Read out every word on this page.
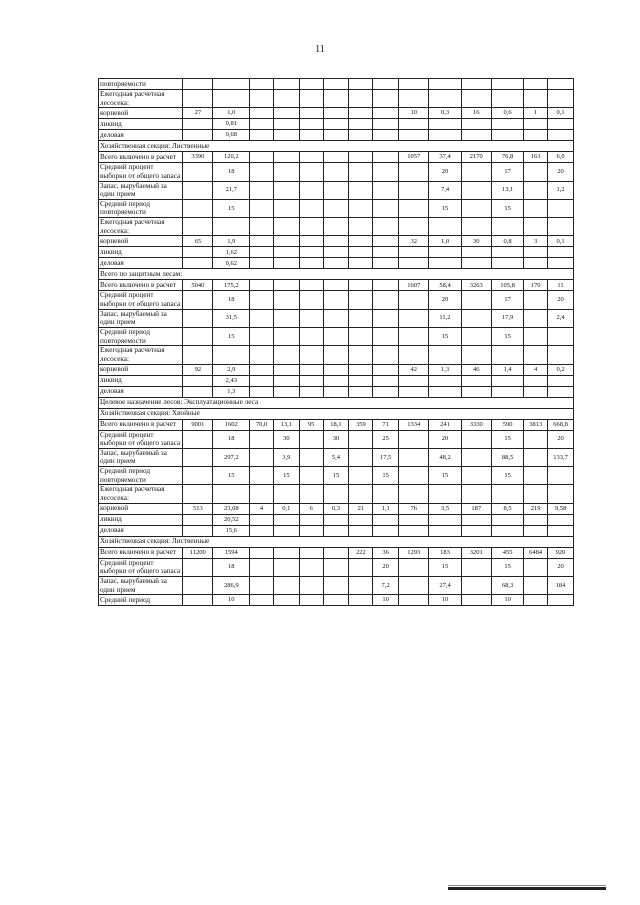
11
повторяемости														
Ежегодная расчетная лесосека:														
корневой	27	1,0							10	0,3	16	0,6	1	0,1
ликвид		0,81												
деловая		0,68												
Хозяйственная секция: Лиственные														
Всего включено в расчет	3390	120,2							1057	37,4	2170	76,8	163	6,0
Средний процент выборки от общего запаса		18								20		17		20
Запас, вырубаемый за один прием		21,7								7,4		13,1		1,2
Средний период повторяемости		15								15		15		
Ежегодная расчетная лесосека:														
корневой	65	1,9							32	1,0	30	0,8	3	0,1
ликвид		1,62												
деловая		0,62												
Всего по защитным лесам:														
Всего включено в расчет	5040	175,2							1607	58,4	3263	105,8	170	11
Средний процент выборки от общего запаса		18								20		17		20
Запас, вырубаемый за один прием		31,5								11,2		17,9		2,4
Средний период повторяемости		15								15		15		
Ежегодная расчетная лесосека:														
корневой	92	2,9							42	1,3	46	1,4	4	0,2
ликвид		2,43												
деловая		1,3												
Целевое назначение лесов: Эксплуатационные леса														
Хозяйственная секция: Хвойные														
Всего включено в расчет	9001	1602	70,0	13,1	95	18,1	359	71	1334	241	3330	590	3813	668,8
Средний процент выборки от общего запаса		18		30		30		25		20		15		20
Запас, вырубаемый за один прием		297,2		3,9		5,4		17,5		48,2		88,5		133,7
Средний период повторяемости		15		15		15		15		15		15		
Ежегодная расчетная лесосека:														
корневой	513	23,08	4	0,1	6	0,3	21	1,1	76	3,5	187	8,5	219	9,58
ликвид		20,52												
деловая		15,6												
Хозяйственная секция: Лиственные														
Всего включено в расчет	11200	1594					222	36	1293	183	3201	455	6484	920
Средний процент выборки от общего запаса		18						20		15		15		20
Запас, вырубаемый за один прием		286,9						7,2		27,4		68,3		184
Средний период		10						10		10		10		
